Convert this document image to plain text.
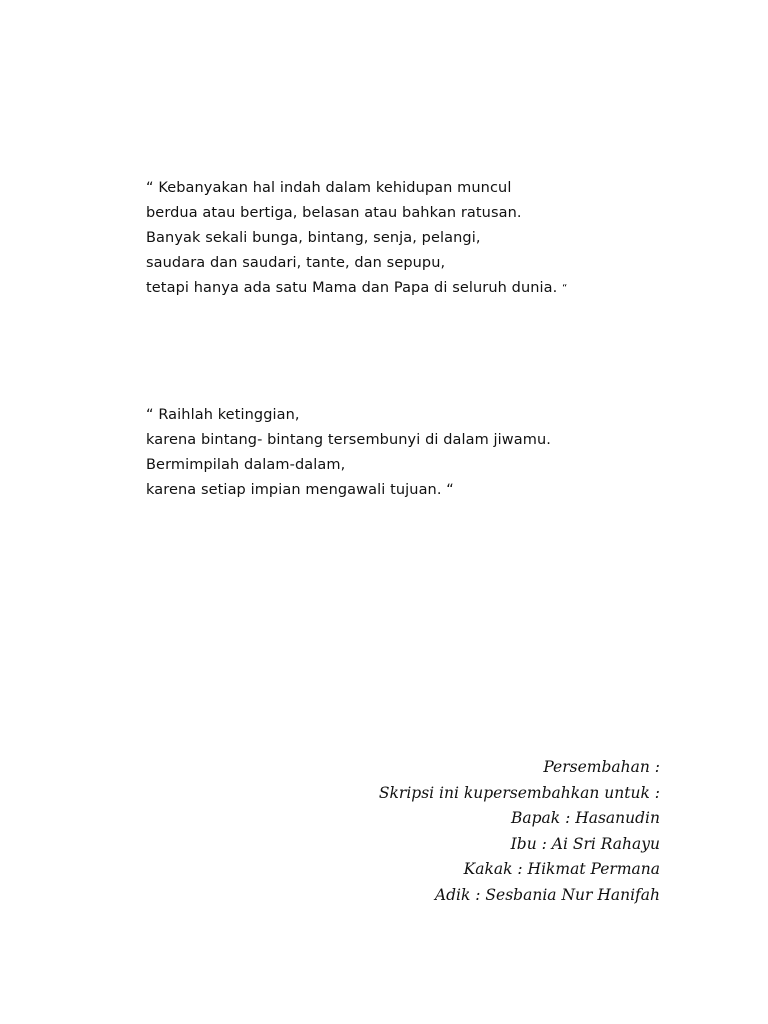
“ Kebanyakan hal indah dalam kehidupan muncul
berdua atau bertiga, belasan atau bahkan ratusan.
Banyak sekali bunga, bintang, senja, pelangi,
saudara dan saudari, tante, dan sepupu,
tetapi hanya ada satu Mama dan Papa di seluruh dunia. “
“ Raihlah ketinggian,
karena bintang- bintang tersembunyi di dalam jiwamu.
Bermimpilah dalam-dalam,
karena setiap impian mengawali tujuan. “
Persembahan :
Skripsi ini kupersembahkan untuk :
Bapak : Hasanudin
Ibu : Ai Sri Rahayu
Kakak : Hikmat Permana
Adik : Sesbania Nur Hanifah
